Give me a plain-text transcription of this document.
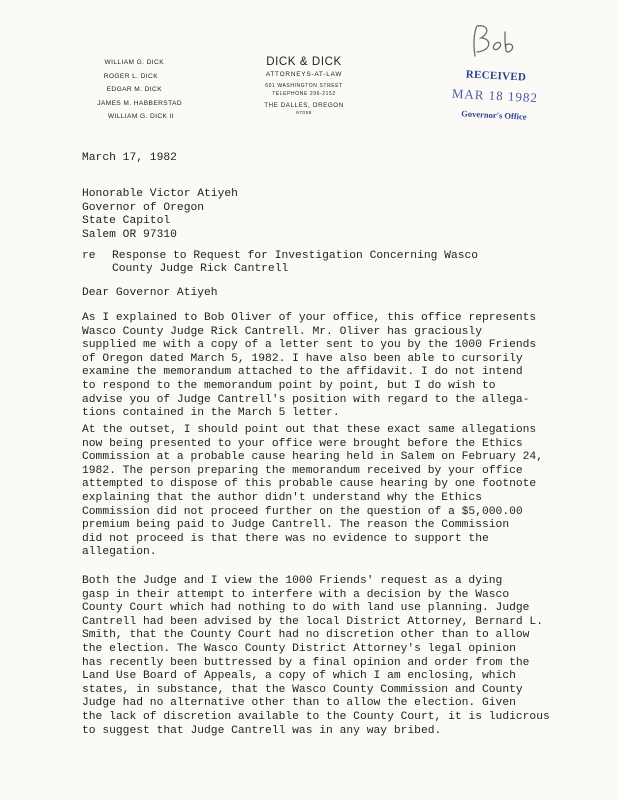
WILLIAM G. DICK
ROGER L. DICK
EDGAR M. DICK
JAMES M. HABBERSTAD
WILLIAM G. DICK II
DICK & DICK
ATTORNEYS-AT-LAW
601 WASHINGTON STREET
TELEPHONE 296-2152
THE DALLES, OREGON
97058
RECEIVED
MAR 18 1982
Governor's Office
March 17, 1982
Honorable Victor Atiyeh
Governor of Oregon
State Capitol
Salem OR 97310
re Response to Request for Investigation Concerning Wasco
County Judge Rick Cantrell
Dear Governor Atiyeh
As I explained to Bob Oliver of your office, this office represents
Wasco County Judge Rick Cantrell. Mr. Oliver has graciously
supplied me with a copy of a letter sent to you by the 1000 Friends
of Oregon dated March 5, 1982. I have also been able to cursorily
examine the memorandum attached to the affidavit. I do not intend
to respond to the memorandum point by point, but I do wish to
advise you of Judge Cantrell's position with regard to the allega-
tions contained in the March 5 letter.
At the outset, I should point out that these exact same allegations
now being presented to your office were brought before the Ethics
Commission at a probable cause hearing held in Salem on February 24,
1982. The person preparing the memorandum received by your office
attempted to dispose of this probable cause hearing by one footnote
explaining that the author didn't understand why the Ethics
Commission did not proceed further on the question of a $5,000.00
premium being paid to Judge Cantrell. The reason the Commission
did not proceed is that there was no evidence to support the
allegation.
Both the Judge and I view the 1000 Friends' request as a dying
gasp in their attempt to interfere with a decision by the Wasco
County Court which had nothing to do with land use planning. Judge
Cantrell had been advised by the local District Attorney, Bernard L.
Smith, that the County Court had no discretion other than to allow
the election. The Wasco County District Attorney's legal opinion
has recently been buttressed by a final opinion and order from the
Land Use Board of Appeals, a copy of which I am enclosing, which
states, in substance, that the Wasco County Commission and County
Judge had no alternative other than to allow the election. Given
the lack of discretion available to the County Court, it is ludicrous
to suggest that Judge Cantrell was in any way bribed.
